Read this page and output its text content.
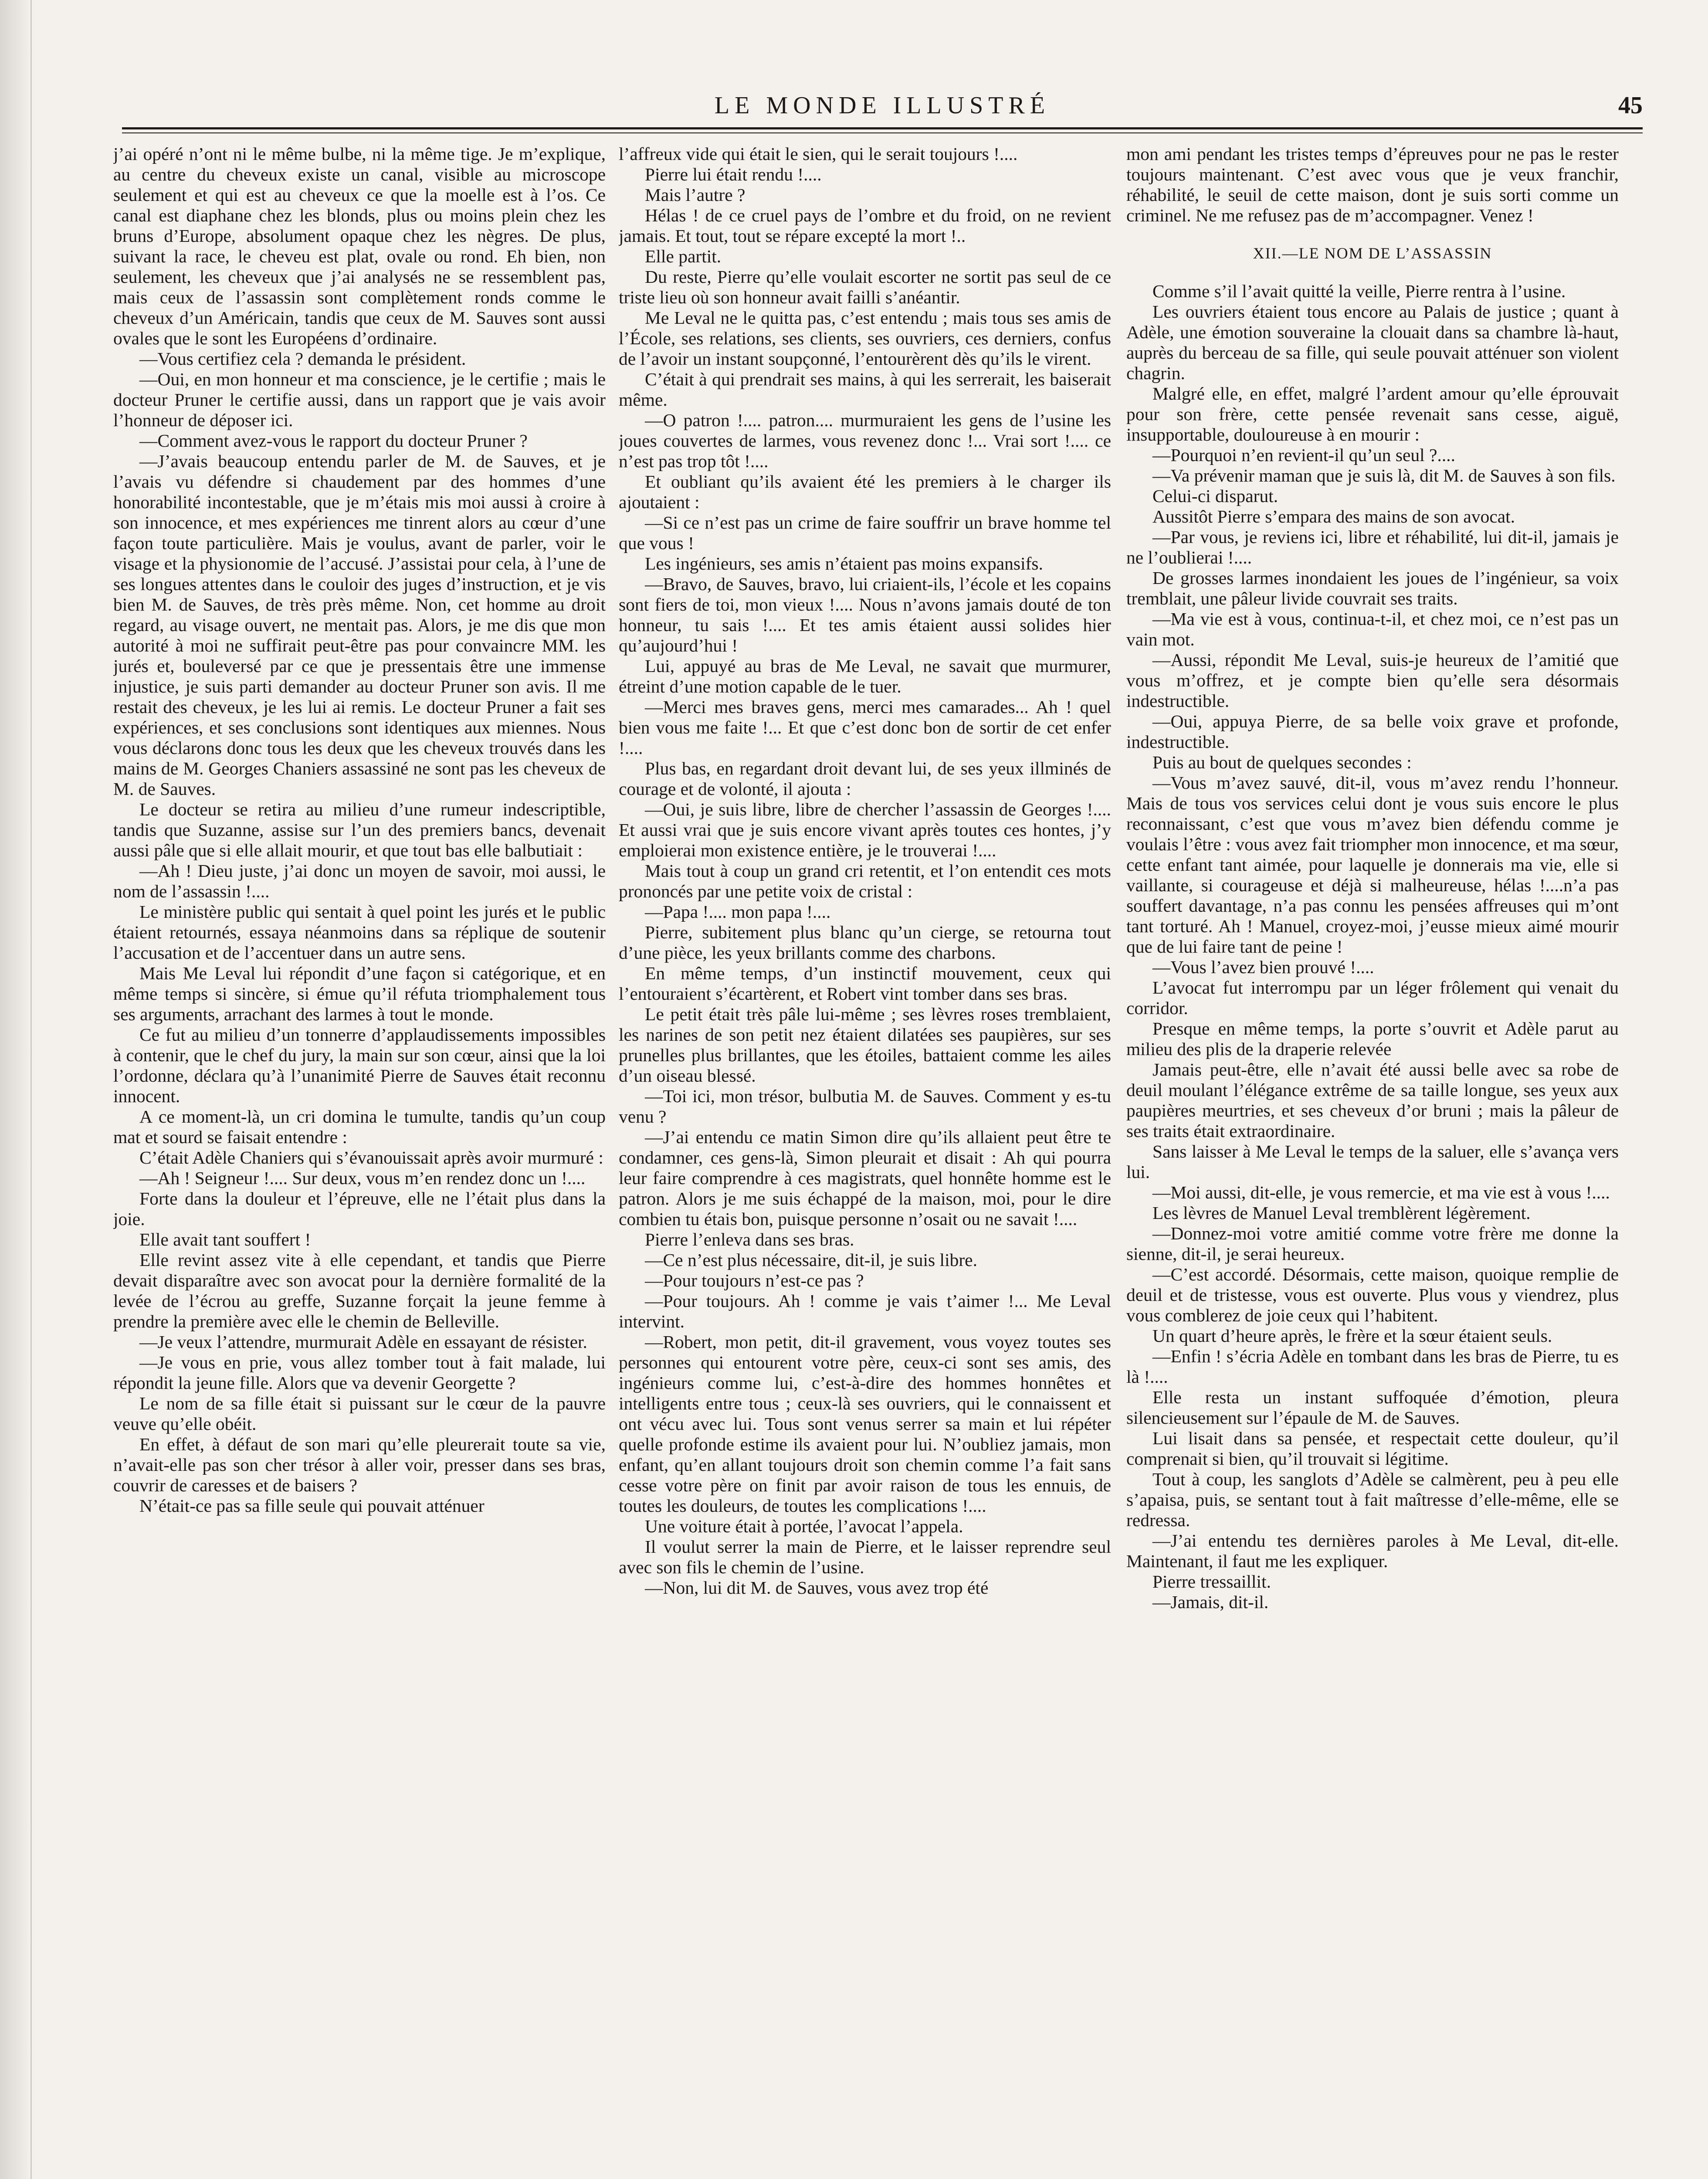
LE MONDE ILLUSTRÉ	45

j’ai opéré n’ont ni le même bulbe, ni la même tige. Je m’explique, au centre du cheveux existe un canal, visible au microscope seulement et qui est au cheveux ce que la moelle est à l’os. Ce canal est diaphane chez les blonds, plus ou moins plein chez les bruns d’Europe, absolument opaque chez les nègres. De plus, suivant la race, le cheveu est plat, ovale ou rond. Eh bien, non seulement, les cheveux que j’ai analysés ne se ressemblent pas, mais ceux de l’assassin sont complètement ronds comme le cheveux d’un Américain, tandis que ceux de M. Sauves sont aussi ovales que le sont les Européens d’ordinaire.

—Vous certifiez cela ? demanda le président.

—Oui, en mon honneur et ma conscience, je le certifie ; mais le docteur Pruner le certifie aussi, dans un rapport que je vais avoir l’honneur de déposer ici.

—Comment avez-vous le rapport du docteur Pruner ?

—J’avais beaucoup entendu parler de M. de Sauves, et je l’avais vu défendre si chaudement par des hommes d’une honorabilité incontestable, que je m’étais mis moi aussi à croire à son innocence, et mes expériences me tinrent alors au cœur d’une façon toute particulière. Mais je voulus, avant de parler, voir le visage et la physionomie de l’accusé. J’assistai pour cela, à l’une de ses longues attentes dans le couloir des juges d’instruction, et je vis bien M. de Sauves, de très près même. Non, cet homme au droit regard, au visage ouvert, ne mentait pas. Alors, je me dis que mon autorité à moi ne suffirait peut-être pas pour convaincre MM. les jurés et, bouleversé par ce que je pressentais être une immense injustice, je suis parti demander au docteur Pruner son avis. Il me restait des cheveux, je les lui ai remis. Le docteur Pruner a fait ses expériences, et ses conclusions sont identiques aux miennes. Nous vous déclarons donc tous les deux que les cheveux trouvés dans les mains de M. Georges Chaniers assassiné ne sont pas les cheveux de M. de Sauves.

Le docteur se retira au milieu d’une rumeur indescriptible, tandis que Suzanne, assise sur l’un des premiers bancs, devenait aussi pâle que si elle allait mourir, et que tout bas elle balbutiait :

—Ah ! Dieu juste, j’ai donc un moyen de savoir, moi aussi, le nom de l’assassin !....

Le ministère public qui sentait à quel point les jurés et le public étaient retournés, essaya néanmoins dans sa réplique de soutenir l’accusation et de l’accentuer dans un autre sens.

Mais Me Leval lui répondit d’une façon si catégorique, et en même temps si sincère, si émue qu’il réfuta triomphalement tous ses arguments, arrachant des larmes à tout le monde.

Ce fut au milieu d’un tonnerre d’applaudissements impossibles à contenir, que le chef du jury, la main sur son cœur, ainsi que la loi l’ordonne, déclara qu’à l’unanimité Pierre de Sauves était reconnu innocent.

A ce moment-là, un cri domina le tumulte, tandis qu’un coup mat et sourd se faisait entendre :

C’était Adèle Chaniers qui s’évanouissait après avoir murmuré :

—Ah ! Seigneur !.... Sur deux, vous m’en rendez donc un !....

Forte dans la douleur et l’épreuve, elle ne l’était plus dans la joie.

Elle avait tant souffert !

Elle revint assez vite à elle cependant, et tandis que Pierre devait disparaître avec son avocat pour la dernière formalité de la levée de l’écrou au greffe, Suzanne forçait la jeune femme à prendre la première avec elle le chemin de Belleville.

—Je veux l’attendre, murmurait Adèle en essayant de résister.

—Je vous en prie, vous allez tomber tout à fait malade, lui répondit la jeune fille. Alors que va devenir Georgette ?

Le nom de sa fille était si puissant sur le cœur de la pauvre veuve qu’elle obéit.

En effet, à défaut de son mari qu’elle pleurerait toute sa vie, n’avait-elle pas son cher trésor à aller voir, presser dans ses bras, couvrir de caresses et de baisers ?

N’était-ce pas sa fille seule qui pouvait atténuer

l’affreux vide qui était le sien, qui le serait toujours !....

Pierre lui était rendu !....

Mais l’autre ?

Hélas ! de ce cruel pays de l’ombre et du froid, on ne revient jamais. Et tout, tout se répare excepté la mort !..

Elle partit.

Du reste, Pierre qu’elle voulait escorter ne sortit pas seul de ce triste lieu où son honneur avait failli s’anéantir.

Me Leval ne le quitta pas, c’est entendu ; mais tous ses amis de l’École, ses relations, ses clients, ses ouvriers, ces derniers, confus de l’avoir un instant soupçonné, l’entourèrent dès qu’ils le virent.

C’était à qui prendrait ses mains, à qui les serrerait, les baiserait même.

—O patron !.... patron.... murmuraient les gens de l’usine les joues couvertes de larmes, vous revenez donc !... Vrai sort !.... ce n’est pas trop tôt !....

Et oubliant qu’ils avaient été les premiers à le charger ils ajoutaient :

—Si ce n’est pas un crime de faire souffrir un brave homme tel que vous !

Les ingénieurs, ses amis n’étaient pas moins expansifs.

—Bravo, de Sauves, bravo, lui criaient-ils, l’école et les copains sont fiers de toi, mon vieux !.... Nous n’avons jamais douté de ton honneur, tu sais !.... Et tes amis étaient aussi solides hier qu’aujourd’hui !

Lui, appuyé au bras de Me Leval, ne savait que murmurer, étreint d’une motion capable de le tuer.

—Merci mes braves gens, merci mes camarades... Ah ! quel bien vous me faite !... Et que c’est donc bon de sortir de cet enfer !....

Plus bas, en regardant droit devant lui, de ses yeux illminés de courage et de volonté, il ajouta :

—Oui, je suis libre, libre de chercher l’assassin de Georges !.... Et aussi vrai que je suis encore vivant après toutes ces hontes, j’y emploierai mon existence entière, je le trouverai !....

Mais tout à coup un grand cri retentit, et l’on entendit ces mots prononcés par une petite voix de cristal :

—Papa !.... mon papa !....

Pierre, subitement plus blanc qu’un cierge, se retourna tout d’une pièce, les yeux brillants comme des charbons.

En même temps, d’un instinctif mouvement, ceux qui l’entouraient s’écartèrent, et Robert vint tomber dans ses bras.

Le petit était très pâle lui-même ; ses lèvres roses tremblaient, les narines de son petit nez étaient dilatées ses paupières, sur ses prunelles plus brillantes, que les étoiles, battaient comme les ailes d’un oiseau blessé.

—Toi ici, mon trésor, bulbutia M. de Sauves. Comment y es-tu venu ?

—J’ai entendu ce matin Simon dire qu’ils allaient peut être te condamner, ces gens-là, Simon pleurait et disait : Ah qui pourra leur faire comprendre à ces magistrats, quel honnête homme est le patron. Alors je me suis échappé de la maison, moi, pour le dire combien tu étais bon, puisque personne n’osait ou ne savait !....

Pierre l’enleva dans ses bras.

—Ce n’est plus nécessaire, dit-il, je suis libre.

—Pour toujours n’est-ce pas ?

—Pour toujours. Ah ! comme je vais t’aimer !... Me Leval intervint.

—Robert, mon petit, dit-il gravement, vous voyez toutes ses personnes qui entourent votre père, ceux-ci sont ses amis, des ingénieurs comme lui, c’est-à-dire des hommes honnêtes et intelligents entre tous ; ceux-là ses ouvriers, qui le connaissent et ont vécu avec lui. Tous sont venus serrer sa main et lui répéter quelle profonde estime ils avaient pour lui. N’oubliez jamais, mon enfant, qu’en allant toujours droit son chemin comme l’a fait sans cesse votre père on finit par avoir raison de tous les ennuis, de toutes les douleurs, de toutes les complications !....

Une voiture était à portée, l’avocat l’appela.

Il voulut serrer la main de Pierre, et le laisser reprendre seul avec son fils le chemin de l’usine.

—Non, lui dit M. de Sauves, vous avez trop été

mon ami pendant les tristes temps d’épreuves pour ne pas le rester toujours maintenant. C’est avec vous que je veux franchir, réhabilité, le seuil de cette maison, dont je suis sorti comme un criminel. Ne me refusez pas de m’accompagner. Venez !

XII.—LE NOM DE L’ASSASSIN

Comme s’il l’avait quitté la veille, Pierre rentra à l’usine.

Les ouvriers étaient tous encore au Palais de justice ; quant à Adèle, une émotion souveraine la clouait dans sa chambre là-haut, auprès du berceau de sa fille, qui seule pouvait atténuer son violent chagrin.

Malgré elle, en effet, malgré l’ardent amour qu’elle éprouvait pour son frère, cette pensée revenait sans cesse, aiguë, insupportable, douloureuse à en mourir :

—Pourquoi n’en revient-il qu’un seul ?....

—Va prévenir maman que je suis là, dit M. de Sauves à son fils.

Celui-ci disparut.

Aussitôt Pierre s’empara des mains de son avocat.

—Par vous, je reviens ici, libre et réhabilité, lui dit-il, jamais je ne l’oublierai !....

De grosses larmes inondaient les joues de l’ingénieur, sa voix tremblait, une pâleur livide couvrait ses traits.

—Ma vie est à vous, continua-t-il, et chez moi, ce n’est pas un vain mot.

—Aussi, répondit Me Leval, suis-je heureux de l’amitié que vous m’offrez, et je compte bien qu’elle sera désormais indestructible.

—Oui, appuya Pierre, de sa belle voix grave et profonde, indestructible.

Puis au bout de quelques secondes :

—Vous m’avez sauvé, dit-il, vous m’avez rendu l’honneur. Mais de tous vos services celui dont je vous suis encore le plus reconnaissant, c’est que vous m’avez bien défendu comme je voulais l’être : vous avez fait triompher mon innocence, et ma sœur, cette enfant tant aimée, pour laquelle je donnerais ma vie, elle si vaillante, si courageuse et déjà si malheureuse, hélas !....n’a pas souffert davantage, n’a pas connu les pensées affreuses qui m’ont tant torturé. Ah ! Manuel, croyez-moi, j’eusse mieux aimé mourir que de lui faire tant de peine !

—Vous l’avez bien prouvé !....

L’avocat fut interrompu par un léger frôlement qui venait du corridor.

Presque en même temps, la porte s’ouvrit et Adèle parut au milieu des plis de la draperie relevée

Jamais peut-être, elle n’avait été aussi belle avec sa robe de deuil moulant l’élégance extrême de sa taille longue, ses yeux aux paupières meurtries, et ses cheveux d’or bruni ; mais la pâleur de ses traits était extraordinaire.

Sans laisser à Me Leval le temps de la saluer, elle s’avança vers lui.

—Moi aussi, dit-elle, je vous remercie, et ma vie est à vous !....

Les lèvres de Manuel Leval tremblèrent légèrement.

—Donnez-moi votre amitié comme votre frère me donne la sienne, dit-il, je serai heureux.

—C’est accordé. Désormais, cette maison, quoique remplie de deuil et de tristesse, vous est ouverte. Plus vous y viendrez, plus vous comblerez de joie ceux qui l’habitent.

Un quart d’heure après, le frère et la sœur étaient seuls.

—Enfin ! s’écria Adèle en tombant dans les bras de Pierre, tu es là !....

Elle resta un instant suffoquée d’émotion, pleura silencieusement sur l’épaule de M. de Sauves.

Lui lisait dans sa pensée, et respectait cette douleur, qu’il comprenait si bien, qu’il trouvait si légitime.

Tout à coup, les sanglots d’Adèle se calmèrent, peu à peu elle s’apaisa, puis, se sentant tout à fait maîtresse d’elle-même, elle se redressa.

—J’ai entendu tes dernières paroles à Me Leval, dit-elle. Maintenant, il faut me les expliquer.

Pierre tressaillit.

—Jamais, dit-il.
